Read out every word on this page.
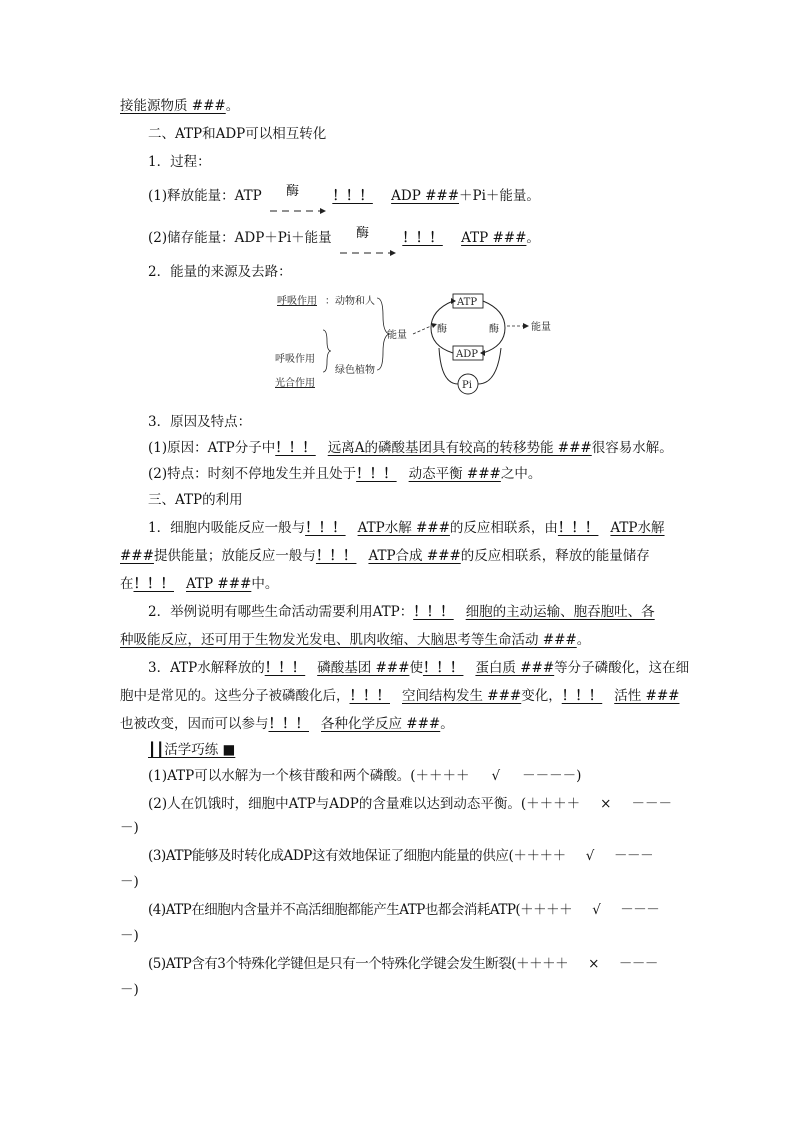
接能源物质 ###。
二、ATP和ADP可以相互转化
1．过程：
(1)释放能量：ATP 酶 ！！！ ADP ###＋Pi＋能量。
(2)储存能量：ADP＋Pi＋能量 酶 ！！！ ATP ###。
2．能量的来源及去路：
呼吸作用 ：动物和人
呼吸作用
光合作用
绿色植物
能量
ATP
ADP
酶	酶	能量
Pi
3．原因及特点：
(1)原因：ATP分子中！！！ 远离A的磷酸基团具有较高的转移势能 ###很容易水解。
(2)特点：时刻不停地发生并且处于！！！ 动态平衡 ###之中。
三、ATP的利用
1．细胞内吸能反应一般与！！！ ATP水解 ###的反应相联系，由！！！ ATP水解
###提供能量；放能反应一般与！！！ ATP合成 ###的反应相联系，释放的能量储存
在！！！ ATP ###中。
2．举例说明有哪些生命活动需要利用ATP：！！！ 细胞的主动运输、胞吞胞吐、各
种吸能反应，还可用于生物发光发电、肌肉收缩、大脑思考等生命活动 ###。
3．ATP水解释放的！！！ 磷酸基团 ###使！！！ 蛋白质 ###等分子磷酸化，这在细
胞中是常见的。这些分子被磷酸化后，！！！ 空间结构发生 ###变化，！！！ 活性 ###
也被改变，因而可以参与！！！ 各种化学反应 ###。
┃┃活学巧练 ■
(1)ATP可以水解为一个核苷酸和两个磷酸。(＋＋＋＋ √ －－－－)
(2)人在饥饿时，细胞中ATP与ADP的含量难以达到动态平衡。(＋＋＋＋ × －－－
－)
(3)ATP能够及时转化成ADP这有效地保证了细胞内能量的供应(＋＋＋＋ √ －－－
－)
(4)ATP在细胞内含量并不高活细胞都能产生ATP也都会消耗ATP(＋＋＋＋ √ －－－
－)
(5)ATP含有3个特殊化学键但是只有一个特殊化学键会发生断裂(＋＋＋＋ × －－－
－)
